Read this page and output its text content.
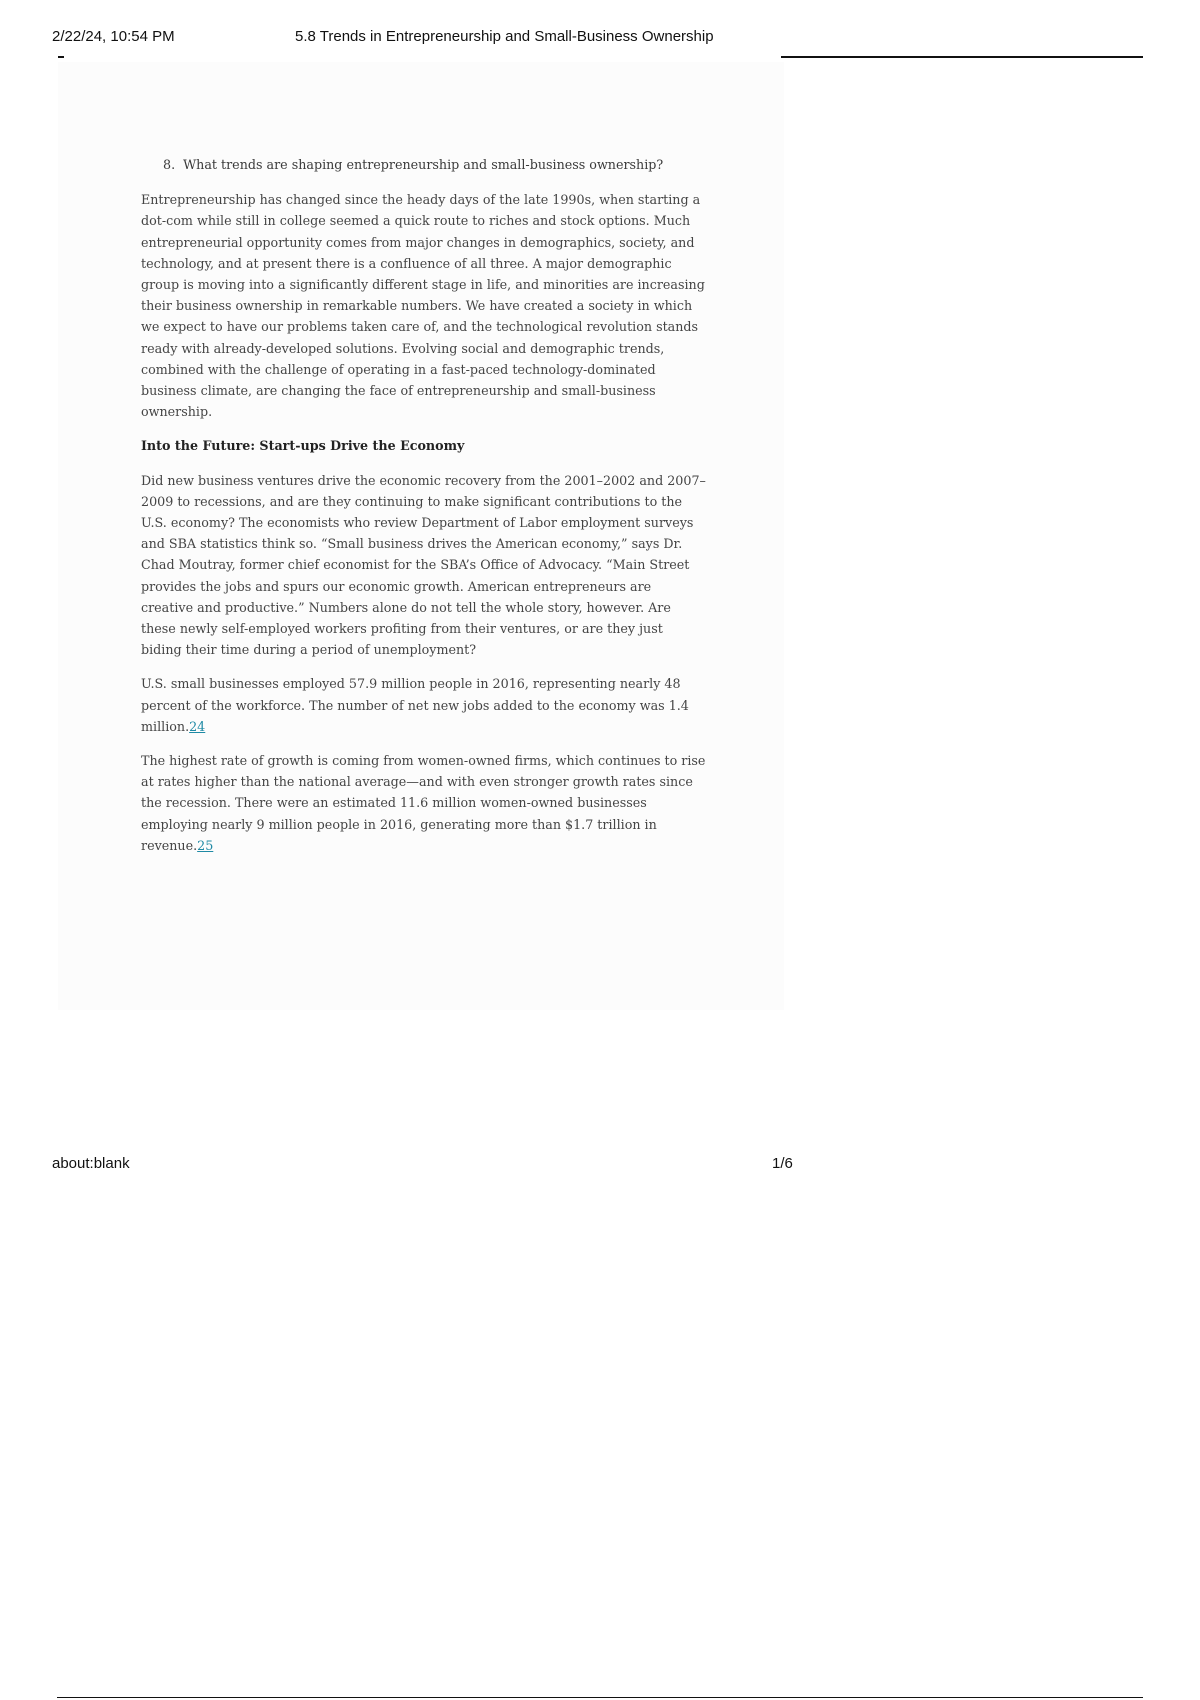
2/22/24, 10:54 PM	5.8 Trends in Entrepreneurship and Small-Business Ownership
8. What trends are shaping entrepreneurship and small-business ownership?

Entrepreneurship has changed since the heady days of the late 1990s, when starting a dot-com while still in college seemed a quick route to riches and stock options. Much entrepreneurial opportunity comes from major changes in demographics, society, and technology, and at present there is a confluence of all three. A major demographic group is moving into a significantly different stage in life, and minorities are increasing their business ownership in remarkable numbers. We have created a society in which we expect to have our problems taken care of, and the technological revolution stands ready with already-developed solutions. Evolving social and demographic trends, combined with the challenge of operating in a fast-paced technology-dominated business climate, are changing the face of entrepreneurship and small-business ownership.

Into the Future: Start-ups Drive the Economy

Did new business ventures drive the economic recovery from the 2001–2002 and 2007–2009 to recessions, and are they continuing to make significant contributions to the U.S. economy? The economists who review Department of Labor employment surveys and SBA statistics think so. “Small business drives the American economy,” says Dr. Chad Moutray, former chief economist for the SBA’s Office of Advocacy. “Main Street provides the jobs and spurs our economic growth. American entrepreneurs are creative and productive.” Numbers alone do not tell the whole story, however. Are these newly self-employed workers profiting from their ventures, or are they just biding their time during a period of unemployment?

U.S. small businesses employed 57.9 million people in 2016, representing nearly 48 percent of the workforce. The number of net new jobs added to the economy was 1.4 million.24

The highest rate of growth is coming from women-owned firms, which continues to rise at rates higher than the national average—and with even stronger growth rates since the recession. There were an estimated 11.6 million women-owned businesses employing nearly 9 million people in 2016, generating more than $1.7 trillion in revenue.25

about:blank	1/6
